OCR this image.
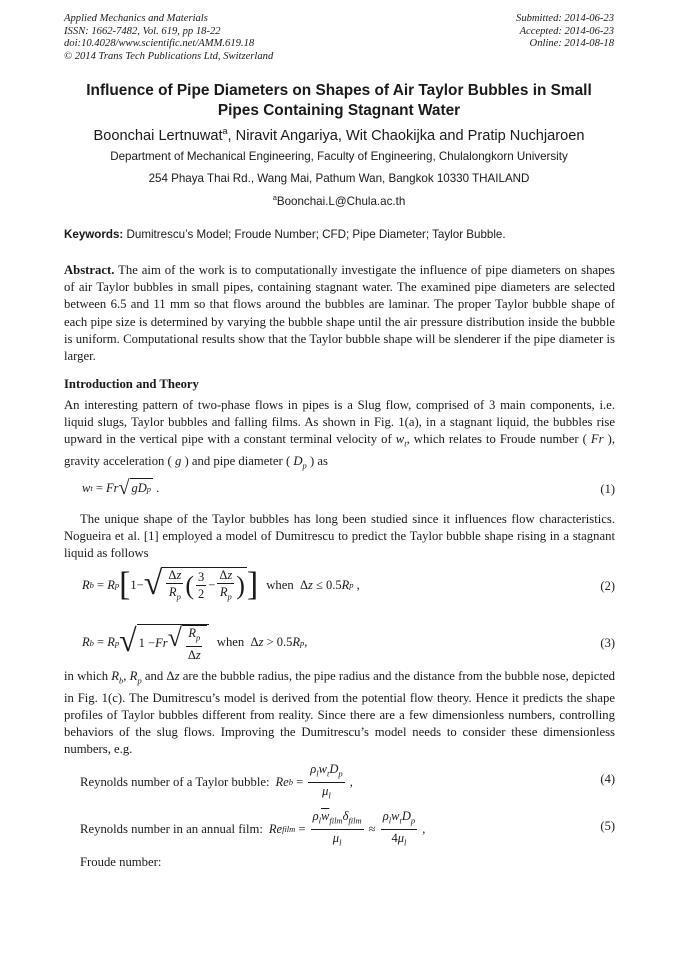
Applied Mechanics and Materials
ISSN: 1662-7482, Vol. 619, pp 18-22
doi:10.4028/www.scientific.net/AMM.619.18
© 2014 Trans Tech Publications Ltd, Switzerland
Submitted: 2014-06-23
Accepted: 2014-06-23
Online: 2014-08-18
Influence of Pipe Diameters on Shapes of Air Taylor Bubbles in Small
Pipes Containing Stagnant Water
Boonchai Lertnuwat$^a$, Niravit Angariya, Wit Chaokijka and Pratip Nuchjaroen
Department of Mechanical Engineering, Faculty of Engineering, Chulalongkorn University
254 Phaya Thai Rd., Wang Mai, Pathum Wan, Bangkok 10330 THAILAND
$^a$Boonchai.L@Chula.ac.th
Keywords: Dumitrescu’s Model; Froude Number; CFD; Pipe Diameter; Taylor Bubble.

Abstract. The aim of the work is to computationally investigate the influence of pipe diameters on shapes of air Taylor bubbles in small pipes, containing stagnant water. The examined pipe diameters are selected between 6.5 and 11 mm so that flows around the bubbles are laminar. The proper Taylor bubble shape of each pipe size is determined by varying the bubble shape until the air pressure distribution inside the bubble is uniform. Computational results show that the Taylor bubble shape will be slenderer if the pipe diameter is larger.

Introduction and Theory

An interesting pattern of two-phase flows in pipes is a Slug flow, comprised of 3 main components, i.e. liquid slugs, Taylor bubbles and falling films. As shown in Fig. 1(a), in a stagnant liquid, the bubbles rise upward in the vertical pipe with a constant terminal velocity of $w_t$, which relates to Froude number ( Fr ), gravity acceleration ( g ) and pipe diameter ( $D_p$ ) as

w t = Fr √ gD p .	(1)

The unique shape of the Taylor bubbles has long been studied since it influences flow characteristics. Nogueira et al. [1] employed a model of Dumitrescu to predict the Taylor bubble shape rising in a stagnant liquid as follows

R b = R p [ 1− √ $\frac{\Delta z}{R_p}$ ( $\frac{3}{2} - \frac{\Delta z}{R_p}$ ) ] when Δ z ≤ 0.5 R p ,	(2)
R b = R p √ 1 − Fr √ $\frac{R_p}{\Delta z}$ when Δ z > 0.5 R p ,	(3)

in which $R_b$, $R_p$ and Δz are the bubble radius, the pipe radius and the distance from the bubble nose, depicted in Fig. 1(c). The Dumitrescu’s model is derived from the potential flow theory. Hence it predicts the shape profiles of Taylor bubbles different from reality. Since there are a few dimensionless numbers, controlling behaviors of the slug flows. Improving the Dumitrescu’s model needs to consider these dimensionless numbers, e.g.

Reynolds number of a Taylor bubble: Re $b = \frac{\rho_lw_tD_p}{\mu_l}$ ,	(4)
Reynolds number in an annual film: Re film = $\frac{\rho_l\overline{w}_{film}\delta_{film}}{\mu_l} \approx \frac{\rho_lw_tD_p}{4\mu_l}$ ,	(5)
Froude number:
